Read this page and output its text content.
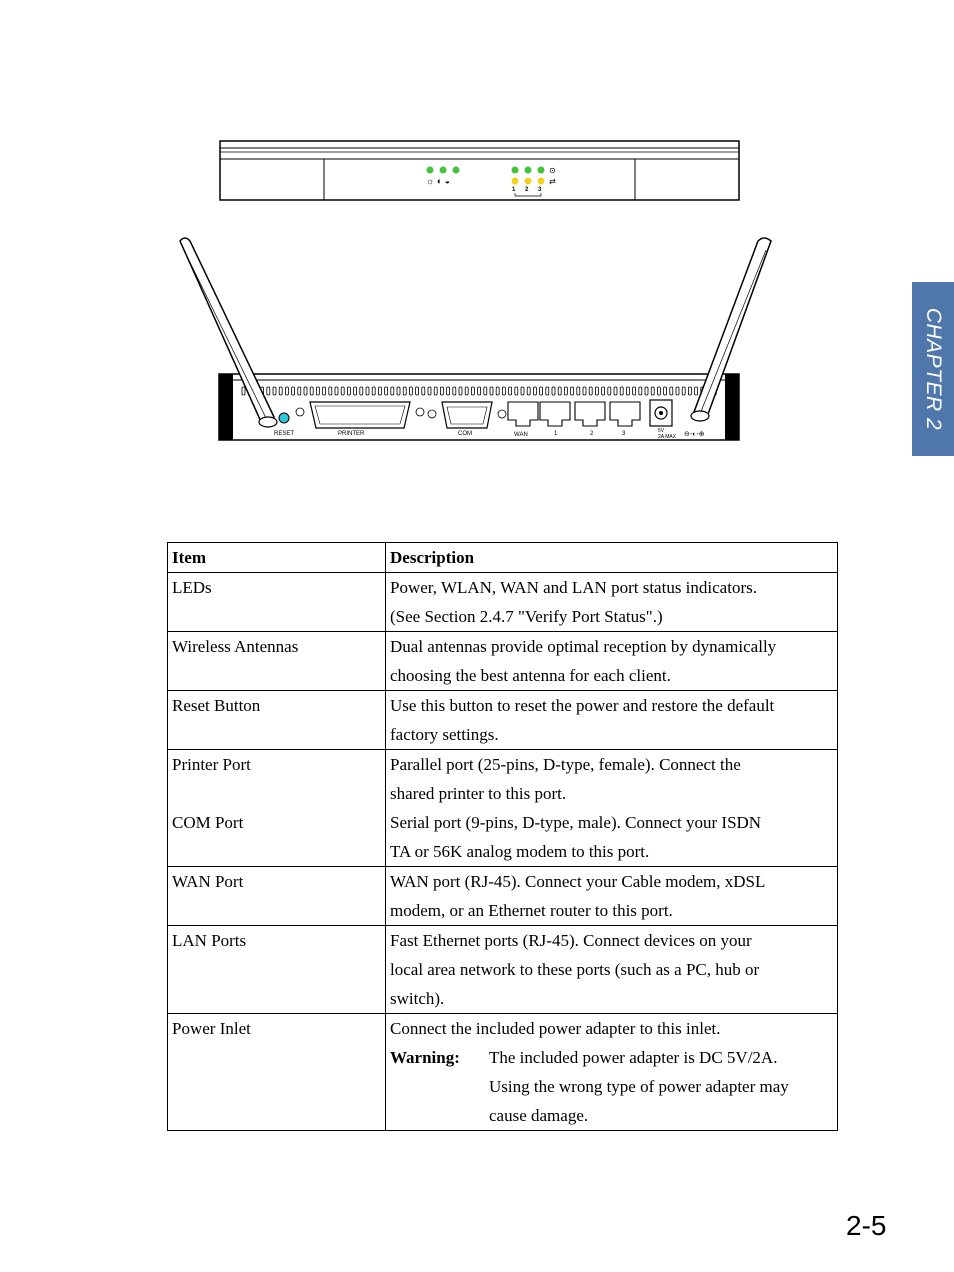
☼ ◐ ◒
⊙
⇄
1 2 3
RESET	PRINTER	COM	WAN	1	2	3	5V
2A MAX ⊖-◐-⊕
CHAPTER 2
Item	Description
LEDs	Power, WLAN, WAN and LAN port status indicators.
(See Section 2.4.7 "Verify Port Status".)

Wireless Antennas	Dual antennas provide optimal reception by dynamically
choosing the best antenna for each client.

Reset Button	Use this button to reset the power and restore the default
factory settings.

Printer Port	Parallel port (25-pins, D-type, female). Connect the
shared printer to this port.

COM Port	Serial port (9-pins, D-type, male). Connect your ISDN
TA or 56K analog modem to this port.

WAN Port	WAN port (RJ-45). Connect your Cable modem, xDSL
modem, or an Ethernet router to this port.

LAN Ports	Fast Ethernet ports (RJ-45). Connect devices on your
local area network to these ports (such as a PC, hub or
switch).

Power Inlet	Connect the included power adapter to this inlet.
Warning: The included power adapter is DC 5V/2A.
Using the wrong type of power adapter may
cause damage.
2-5
